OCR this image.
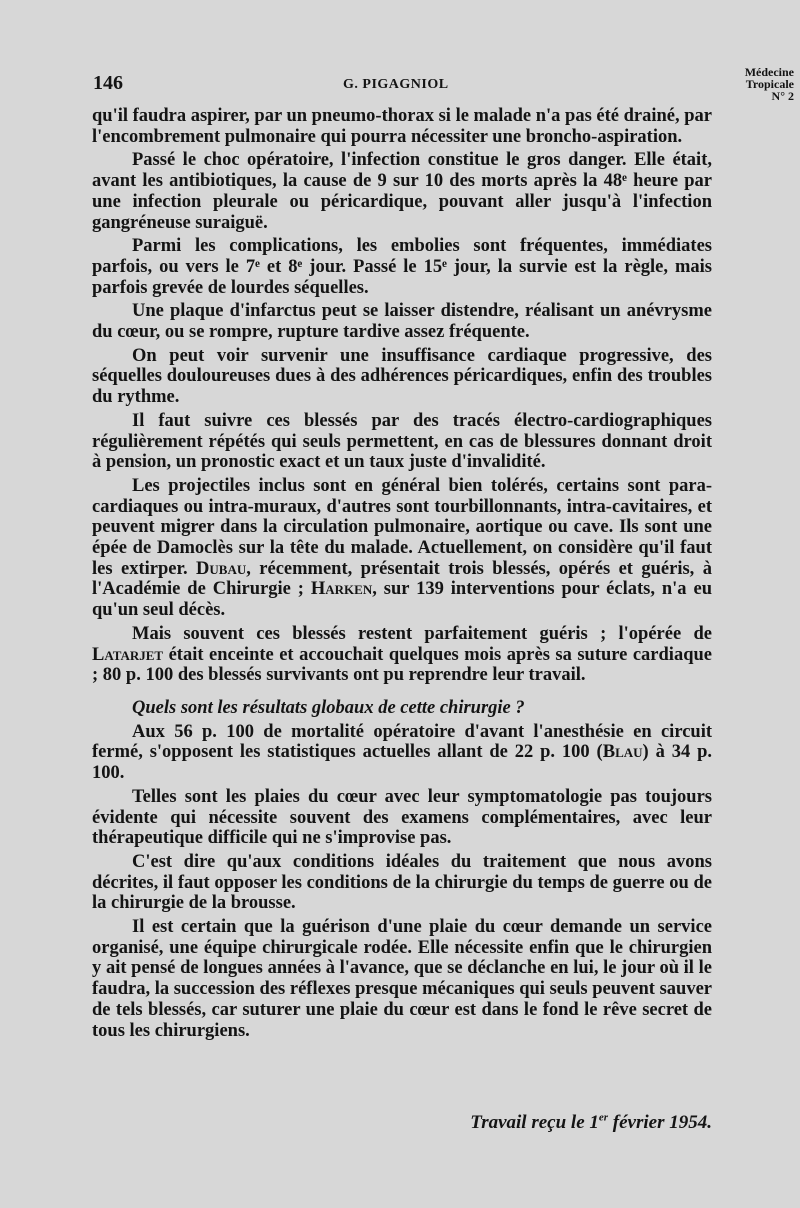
146	G. PIGAGNIOL
Médecine
Tropicale
N° 2

qu'il faudra aspirer, par un pneumo-thorax si le malade n'a pas été drainé, par l'encombrement pulmonaire qui pourra nécessiter une broncho-aspiration.

Passé le choc opératoire, l'infection constitue le gros danger. Elle était, avant les antibiotiques, la cause de 9 sur 10 des morts après la 48ᵉ heure par une infection pleurale ou péricardique, pouvant aller jusqu'à l'infection gangréneuse suraiguë.

Parmi les complications, les embolies sont fréquentes, immédiates parfois, ou vers le 7ᵉ et 8ᵉ jour. Passé le 15ᵉ jour, la survie est la règle, mais parfois grevée de lourdes séquelles.

Une plaque d'infarctus peut se laisser distendre, réalisant un anévrysme du cœur, ou se rompre, rupture tardive assez fréquente.

On peut voir survenir une insuffisance cardiaque progressive, des séquelles douloureuses dues à des adhérences péricardiques, enfin des troubles du rythme.

Il faut suivre ces blessés par des tracés électro-cardiographiques régulièrement répétés qui seuls permettent, en cas de blessures donnant droit à pension, un pronostic exact et un taux juste d'invalidité.

Les projectiles inclus sont en général bien tolérés, certains sont para-cardiaques ou intra-muraux, d'autres sont tourbillonnants, intra-cavitaires, et peuvent migrer dans la circulation pulmonaire, aortique ou cave. Ils sont une épée de Damoclès sur la tête du malade. Actuellement, on considère qu'il faut les extirper. Dubau, récemment, présentait trois blessés, opérés et guéris, à l'Académie de Chirurgie ; Harken, sur 139 interventions pour éclats, n'a eu qu'un seul décès.

Mais souvent ces blessés restent parfaitement guéris ; l'opérée de Latarjet était enceinte et accouchait quelques mois après sa suture cardiaque ; 80 p. 100 des blessés survivants ont pu reprendre leur travail.

Quels sont les résultats globaux de cette chirurgie ?

Aux 56 p. 100 de mortalité opératoire d'avant l'anesthésie en circuit fermé, s'opposent les statistiques actuelles allant de 22 p. 100 (Blau) à 34 p. 100.

Telles sont les plaies du cœur avec leur symptomatologie pas toujours évidente qui nécessite souvent des examens complémentaires, avec leur thérapeutique difficile qui ne s'improvise pas.

C'est dire qu'aux conditions idéales du traitement que nous avons décrites, il faut opposer les conditions de la chirurgie du temps de guerre ou de la chirurgie de la brousse.

Il est certain que la guérison d'une plaie du cœur demande un service organisé, une équipe chirurgicale rodée. Elle nécessite enfin que le chirurgien y ait pensé de longues années à l'avance, que se déclanche en lui, le jour où il le faudra, la succession des réflexes presque mécaniques qui seuls peuvent sauver de tels blessés, car suturer une plaie du cœur est dans le fond le rêve secret de tous les chirurgiens.

Travail reçu le 1er février 1954.
